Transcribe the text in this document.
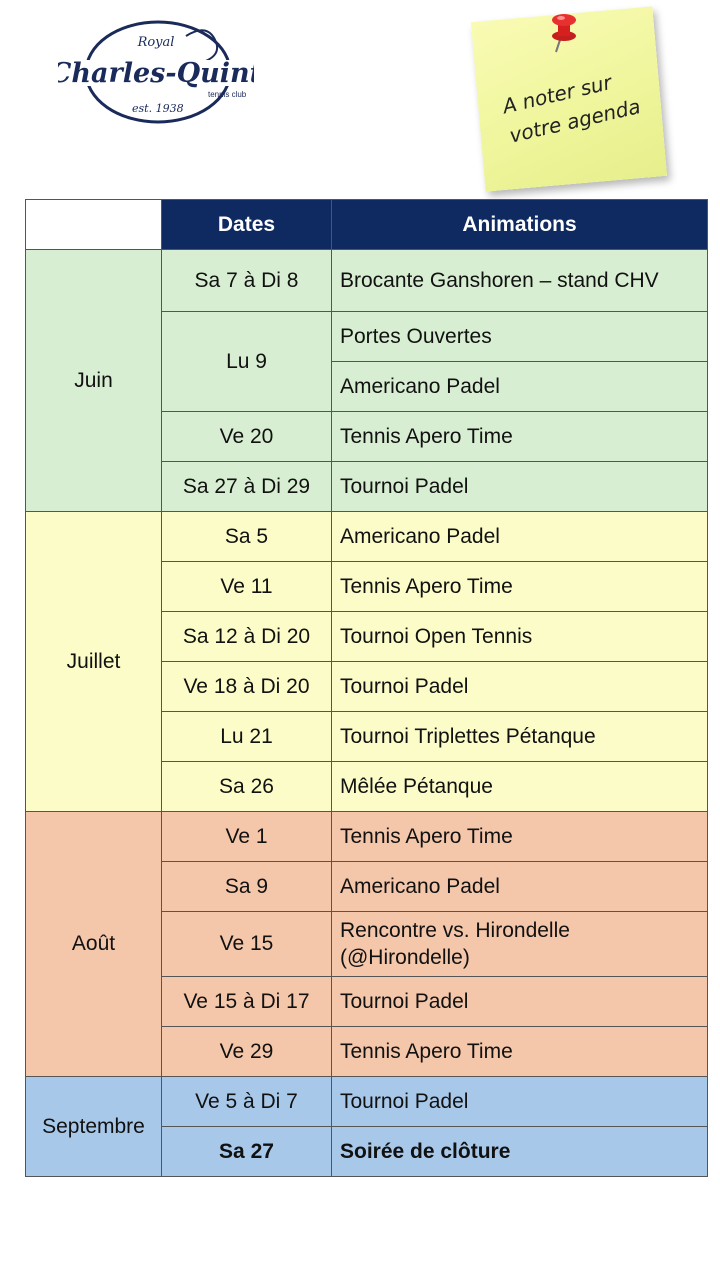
Royal
Charles-Quint
tennis club
est. 1938	A noter sur votre agenda
	Dates	Animations
Juin	Sa 7 à Di 8	Brocante Ganshoren – stand CHV
	Lu 9	Portes Ouvertes
		Americano Padel
	Ve 20	Tennis Apero Time
	Sa 27 à Di 29	Tournoi Padel
Juillet	Sa 5	Americano Padel
	Ve 11	Tennis Apero Time
	Sa 12 à Di 20	Tournoi Open Tennis
	Ve 18 à Di 20	Tournoi Padel
	Lu 21	Tournoi Triplettes Pétanque
	Sa 26	Mêlée Pétanque
Août	Ve 1	Tennis Apero Time
	Sa 9	Americano Padel
	Ve 15	Rencontre vs. Hirondelle (@Hirondelle)
	Ve 15 à Di 17	Tournoi Padel
	Ve 29	Tennis Apero Time
Septembre	Ve 5 à Di 7	Tournoi Padel
	Sa 27	Soirée de clôture
